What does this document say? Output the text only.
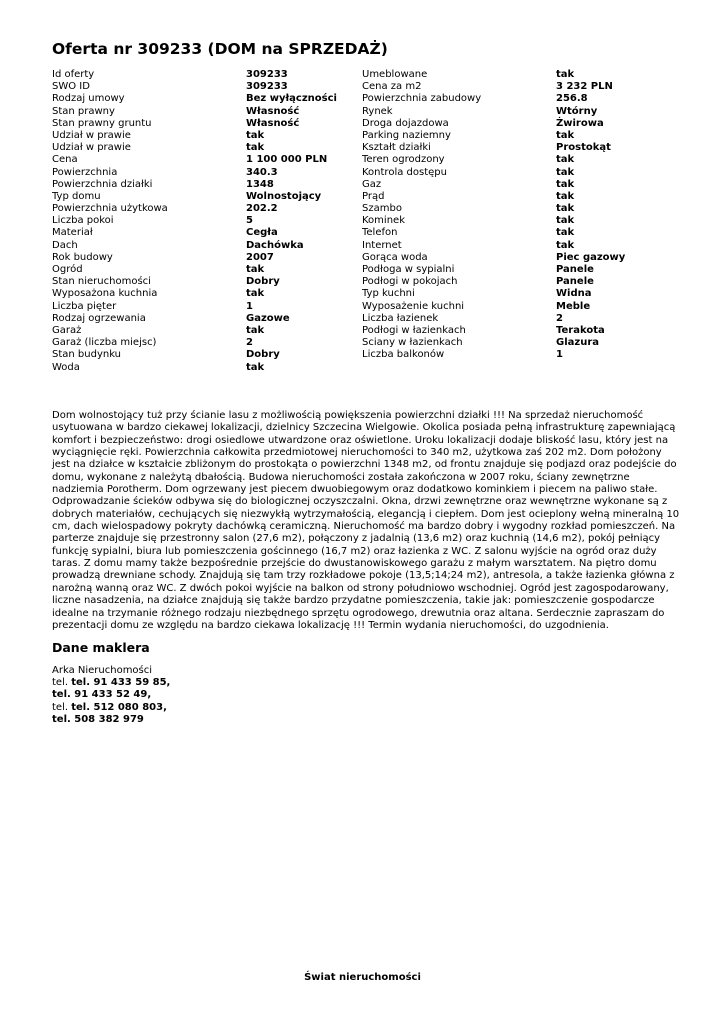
Oferta nr 309233 (DOM na SPRZEDAŻ)
Id oferty	309233
SWO ID	309233
Rodzaj umowy	Bez wyłączności
Stan prawny	Własność
Stan prawny gruntu	Własność
Udział w prawie	tak
Udział w prawie	tak
Cena	1 100 000 PLN
Powierzchnia	340.3
Powierzchnia działki	1348
Typ domu	Wolnostojący
Powierzchnia użytkowa	202.2
Liczba pokoi	5
Materiał	Cegła
Dach	Dachówka
Rok budowy	2007
Ogród	tak
Stan nieruchomości	Dobry
Wyposażona kuchnia	tak
Liczba pięter	1
Rodzaj ogrzewania	Gazowe
Garaż	tak
Garaż (liczba miejsc)	2
Stan budynku	Dobry
Woda	tak
Umeblowane	tak
Cena za m2	3 232 PLN
Powierzchnia zabudowy	256.8
Rynek	Wtórny
Droga dojazdowa	Żwirowa
Parking naziemny	tak
Kształt działki	Prostokąt
Teren ogrodzony	tak
Kontrola dostępu	tak
Gaz	tak
Prąd	tak
Szambo	tak
Kominek	tak
Telefon	tak
Internet	tak
Gorąca woda	Piec gazowy
Podłoga w sypialni	Panele
Podłogi w pokojach	Panele
Typ kuchni	Widna
Wyposażenie kuchni	Meble
Liczba łazienek	2
Podłogi w łazienkach	Terakota
Sciany w łazienkach	Glazura
Liczba balkonów	1

Dom wolnostojący tuż przy ścianie lasu z możliwością powiększenia powierzchni działki !!! Na sprzedaż nieruchomość usytuowana w bardzo ciekawej lokalizacji, dzielnicy Szczecina Wielgowie. Okolica posiada pełną infrastrukturę zapewniającą komfort i bezpieczeństwo: drogi osiedlowe utwardzone oraz oświetlone. Uroku lokalizacji dodaje bliskość lasu, który jest na wyciągnięcie ręki. Powierzchnia całkowita przedmiotowej nieruchomości to 340 m2, użytkowa zaś 202 m2. Dom położony jest na działce w kształcie zbliżonym do prostokąta o powierzchni 1348 m2, od frontu znajduje się podjazd oraz podejście do domu, wykonane z należytą dbałością. Budowa nieruchomości została zakończona w 2007 roku, ściany zewnętrzne nadziemia Porotherm. Dom ogrzewany jest piecem dwuobiegowym oraz dodatkowo kominkiem i piecem na paliwo stałe. Odprowadzanie ścieków odbywa się do biologicznej oczyszczalni. Okna, drzwi zewnętrzne oraz wewnętrzne wykonane są z dobrych materiałów, cechujących się niezwykłą wytrzymałością, elegancją i ciepłem. Dom jest ocieplony wełną mineralną 10 cm, dach wielospadowy pokryty dachówką ceramiczną. Nieruchomość ma bardzo dobry i wygodny rozkład pomieszczeń. Na parterze znajduje się przestronny salon (27,6 m2), połączony z jadalnią (13,6 m2) oraz kuchnią (14,6 m2), pokój pełniący funkcję sypialni, biura lub pomieszczenia gościnnego (16,7 m2) oraz łazienka z WC. Z salonu wyjście na ogród oraz duży taras. Z domu mamy także bezpośrednie przejście do dwustanowiskowego garażu z małym warsztatem. Na piętro domu prowadzą drewniane schody. Znajdują się tam trzy rozkładowe pokoje (13,5;14;24 m2), antresola, a także łazienka główna z narożną wanną oraz WC. Z dwóch pokoi wyjście na balkon od strony południowo wschodniej. Ogród jest zagospodarowany, liczne nasadzenia, na działce znajdują się także bardzo przydatne pomieszczenia, takie jak: pomieszczenie gospodarcze idealne na trzymanie różnego rodzaju niezbędnego sprzętu ogrodowego, drewutnia oraz altana. Serdecznie zapraszam do prezentacji domu ze względu na bardzo ciekawa lokalizację !!! Termin wydania nieruchomości, do uzgodnienia.

Dane maklera
Arka Nieruchomości
tel. tel. 91 433 59 85,
tel. 91 433 52 49,
tel. tel. 512 080 803,
tel. 508 382 979
Świat nieruchomości
